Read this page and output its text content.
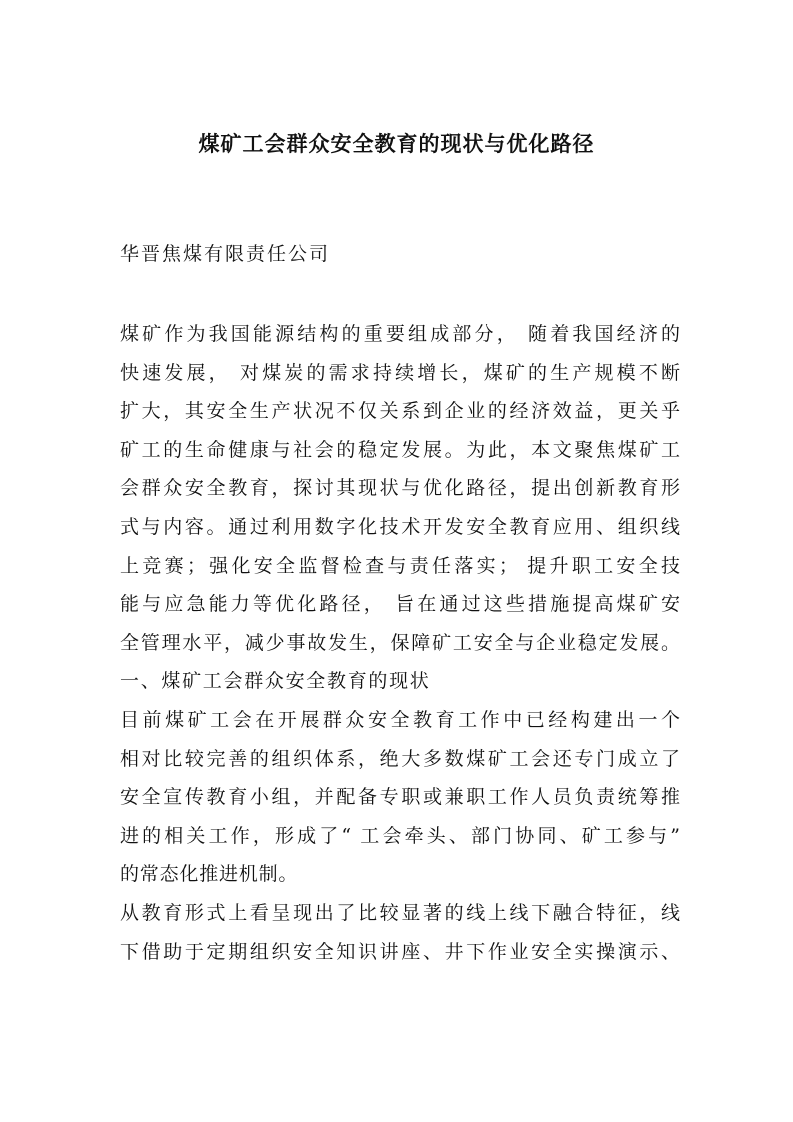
煤矿工会群众安全教育的现状与优化路径
华晋焦煤有限责任公司
煤矿作为我国能源结构的重要组成部分， 随着我国经济的
快速发展， 对煤炭的需求持续增长，煤矿的生产规模不断
扩大，其安全生产状况不仅关系到企业的经济效益，更关乎
矿工的生命健康与社会的稳定发展。为此，本文聚焦煤矿工
会群众安全教育，探讨其现状与优化路径，提出创新教育形
式与内容。通过利用数字化技术开发安全教育应用、组织线
上竞赛；强化安全监督检查与责任落实； 提升职工安全技
能与应急能力等优化路径， 旨在通过这些措施提高煤矿安
全管理水平，减少事故发生，保障矿工安全与企业稳定发展。
一、煤矿工会群众安全教育的现状
目前煤矿工会在开展群众安全教育工作中已经构建出一个
相对比较完善的组织体系，绝大多数煤矿工会还专门成立了
安全宣传教育小组，并配备专职或兼职工作人员负责统筹推
进的相关工作，形成了“ 工会牵头、部门协同、矿工参与”
的常态化推进机制。
从教育形式上看呈现出了比较显著的线上线下融合特征，线
下借助于定期组织安全知识讲座、井下作业安全实操演示、
